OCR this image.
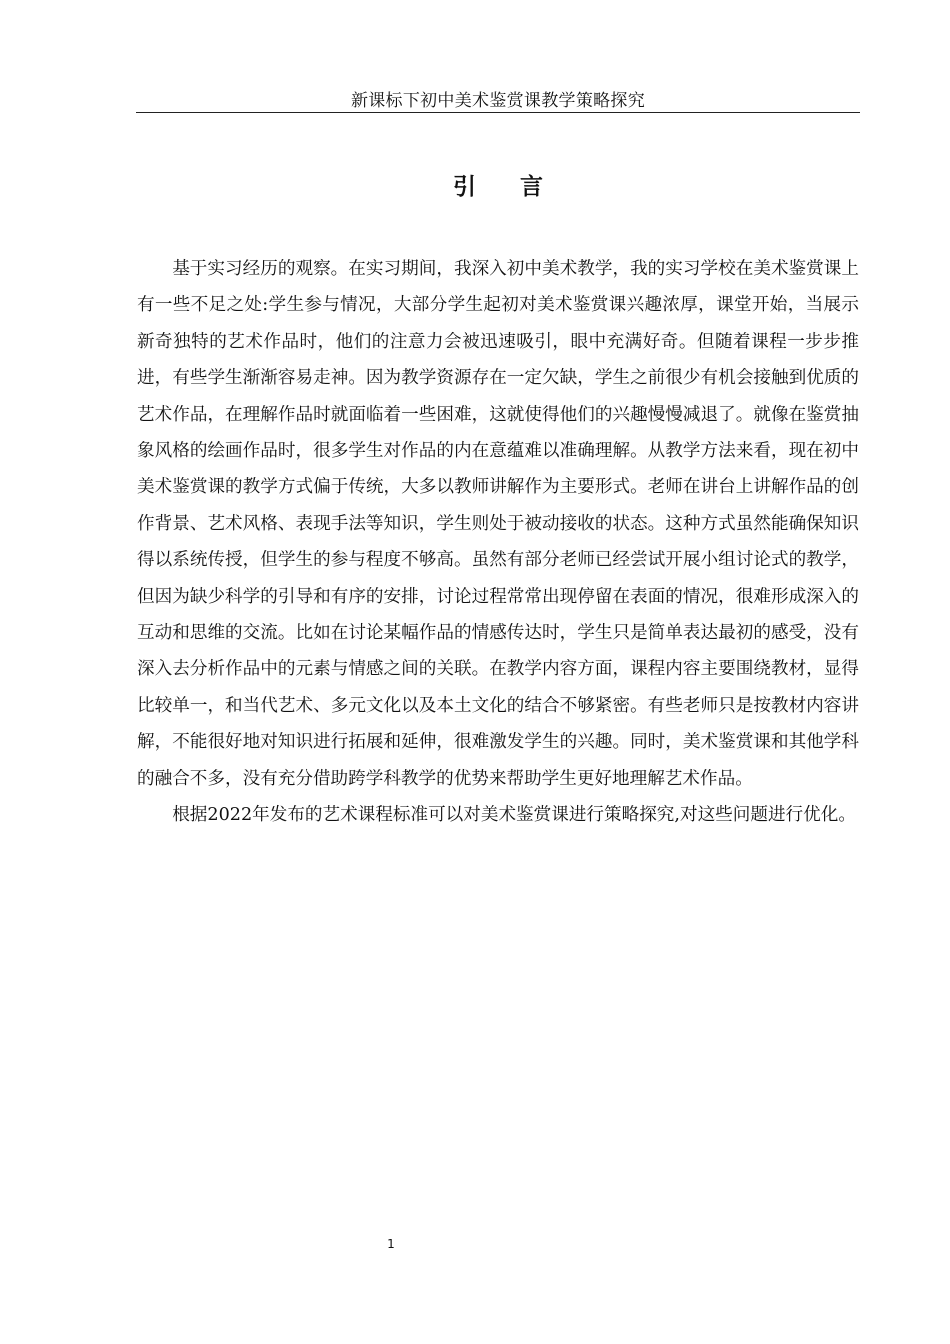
新课标下初中美术鉴赏课教学策略探究
引言

基于实习经历的观察。在实习期间，我深入初中美术教学，我的实习学校在美术鉴赏课上有一些不足之处:学生参与情况，大部分学生起初对美术鉴赏课兴趣浓厚，课堂开始，当展示新奇独特的艺术作品时，他们的注意力会被迅速吸引，眼中充满好奇。但随着课程一步步推进，有些学生渐渐容易走神。因为教学资源存在一定欠缺，学生之前很少有机会接触到优质的艺术作品，在理解作品时就面临着一些困难，这就使得他们的兴趣慢慢减退了。就像在鉴赏抽象风格的绘画作品时，很多学生对作品的内在意蕴难以准确理解。从教学方法来看，现在初中美术鉴赏课的教学方式偏于传统，大多以教师讲解作为主要形式。老师在讲台上讲解作品的创作背景、艺术风格、表现手法等知识，学生则处于被动接收的状态。这种方式虽然能确保知识得以系统传授，但学生的参与程度不够高。虽然有部分老师已经尝试开展小组讨论式的教学，但因为缺少科学的引导和有序的安排，讨论过程常常出现停留在表面的情况，很难形成深入的互动和思维的交流。比如在讨论某幅作品的情感传达时，学生只是简单表达最初的感受，没有深入去分析作品中的元素与情感之间的关联。在教学内容方面，课程内容主要围绕教材，显得比较单一，和当代艺术、多元文化以及本土文化的结合不够紧密。有些老师只是按教材内容讲解，不能很好地对知识进行拓展和延伸，很难激发学生的兴趣。同时，美术鉴赏课和其他学科的融合不多，没有充分借助跨学科教学的优势来帮助学生更好地理解艺术作品。

根据2022年发布的艺术课程标准可以对美术鉴赏课进行策略探究,对这些问题进行优化。

1
